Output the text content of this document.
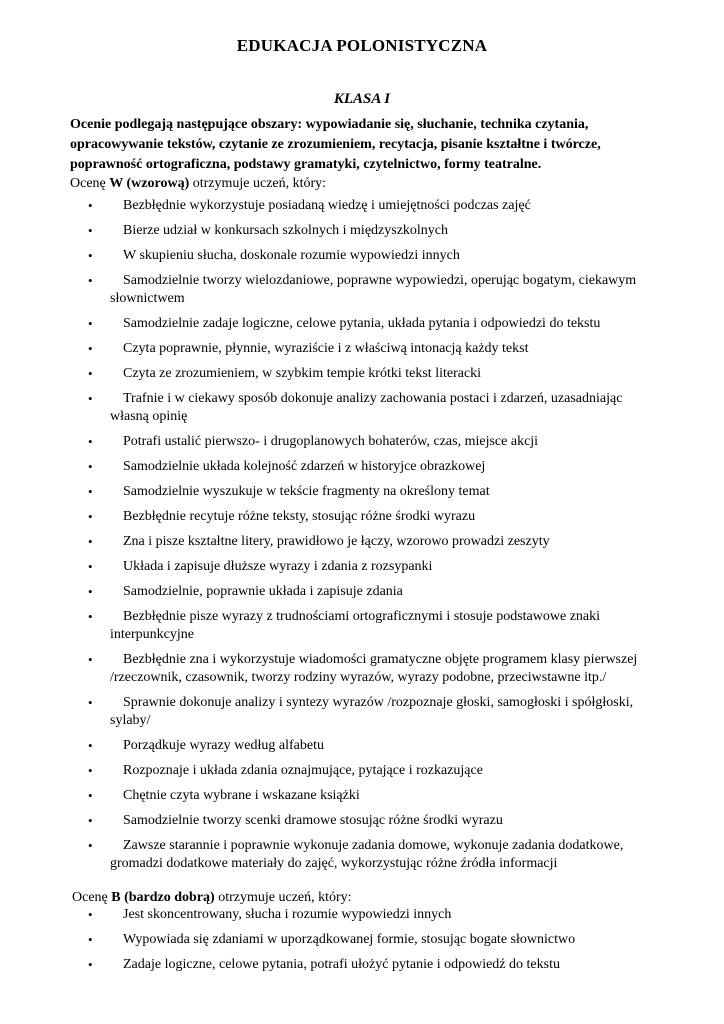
EDUKACJA POLONISTYCZNA
KLASA I
Ocenie podlegają następujące obszary: wypowiadanie się, słuchanie, technika czytania, opracowywanie tekstów, czytanie ze zrozumieniem, recytacja, pisanie kształtne i twórcze, poprawność ortograficzna, podstawy gramatyki, czytelnictwo, formy teatralne.
Ocenę W (wzorową) otrzymuje uczeń, który:
• Bezbłędnie wykorzystuje posiadaną wiedzę i umiejętności podczas zajęć
• Bierze udział w konkursach szkolnych i międzyszkolnych
• W skupieniu słucha, doskonale rozumie wypowiedzi innych
• Samodzielnie tworzy wielozdaniowe, poprawne wypowiedzi, operując bogatym, ciekawym słownictwem
• Samodzielnie zadaje logiczne, celowe pytania, układa pytania i odpowiedzi do tekstu
• Czyta poprawnie, płynnie, wyraziście i z właściwą intonacją każdy tekst
• Czyta ze zrozumieniem, w szybkim tempie krótki tekst literacki
• Trafnie i w ciekawy sposób dokonuje analizy zachowania postaci i zdarzeń, uzasadniając własną opinię
• Potrafi ustalić pierwszo- i drugoplanowych bohaterów, czas, miejsce akcji
• Samodzielnie układa kolejność zdarzeń w historyjce obrazkowej
• Samodzielnie wyszukuje w tekście fragmenty na określony temat
• Bezbłędnie recytuje różne teksty, stosując różne środki wyrazu
• Zna i pisze kształtne litery, prawidłowo je łączy, wzorowo prowadzi zeszyty
• Układa i zapisuje dłuższe wyrazy i zdania z rozsypanki
• Samodzielnie, poprawnie układa i zapisuje zdania
• Bezbłędnie pisze wyrazy z trudnościami ortograficznymi i stosuje podstawowe znaki interpunkcyjne
• Bezbłędnie zna i wykorzystuje wiadomości gramatyczne objęte programem klasy pierwszej /rzeczownik, czasownik, tworzy rodziny wyrazów, wyrazy podobne, przeciwstawne itp./
• Sprawnie dokonuje analizy i syntezy wyrazów /rozpoznaje głoski, samogłoski i spółgłoski, sylaby/
• Porządkuje wyrazy według alfabetu
• Rozpoznaje i układa zdania oznajmujące, pytające i rozkazujące
• Chętnie czyta wybrane i wskazane książki
• Samodzielnie tworzy scenki dramowe stosując różne środki wyrazu
• Zawsze starannie i poprawnie wykonuje zadania domowe, wykonuje zadania dodatkowe, gromadzi dodatkowe materiały do zajęć, wykorzystując różne źródła informacji
Ocenę B (bardzo dobrą) otrzymuje uczeń, który:
• Jest skoncentrowany, słucha i rozumie wypowiedzi innych
• Wypowiada się zdaniami w uporządkowanej formie, stosując bogate słownictwo
• Zadaje logiczne, celowe pytania, potrafi ułożyć pytanie i odpowiedź do tekstu
